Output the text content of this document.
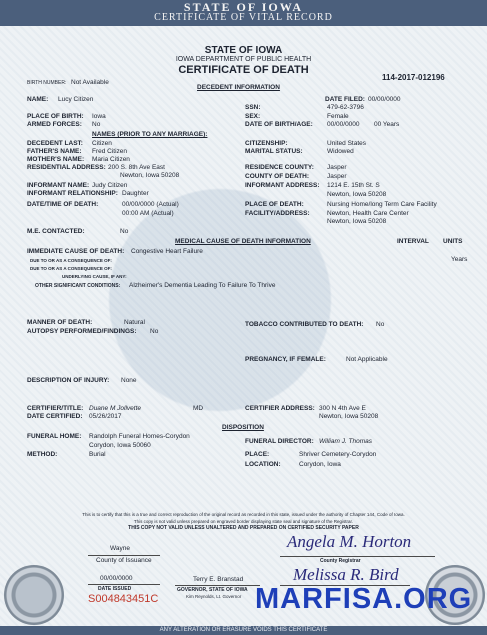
STATE OF IOWA
CERTIFICATE OF VITAL RECORD
STATE OF IOWA
IOWA DEPARTMENT OF PUBLIC HEALTH
CERTIFICATE OF DEATH
114-2017-012196
BIRTH NUMBER: Not Available
DECEDENT INFORMATION
NAME: Lucy Citizen	DATE FILED: 00/00/0000
SSN:	479-62-3796
PLACE OF BIRTH: Iowa	SEX:	Female
ARMED FORCES: No	DATE OF BIRTH/AGE: 00/00/0000 00 Years
NAMES (PRIOR TO ANY MARRIAGE):
DECEDENT LAST: Citizen	CITIZENSHIP:	United States
FATHER'S NAME: Fred Citizen	MARITAL STATUS:	Widowed
MOTHER'S NAME: Maria Citizen
RESIDENTIAL ADDRESS: 200 S. 8th Ave East
Newton, Iowa 50208
RESIDENCE COUNTY: Jasper
COUNTY OF DEATH:	Jasper
INFORMANT NAME: Judy Citizen
INFORMANT RELATIONSHIP: Daughter
INFORMANT ADDRESS: 1214 E. 15th St. S
Newton, Iowa 50208
DATE/TIME OF DEATH:	00/00/0000 (Actual)
00:00 AM (Actual)
PLACE OF DEATH:	Nursing Home/long Term Care Facility
FACILITY/ADDRESS:	Newton, Health Care Center
Newton, Iowa 50208
M.E. CONTACTED:	No
MEDICAL CAUSE OF DEATH INFORMATION	INTERVAL UNITS
IMMEDIATE CAUSE OF DEATH: Congestive Heart Failure
Years
DUE TO OR AS A CONSEQUENCE OF:
DUE TO OR AS A CONSEQUENCE OF:
UNDERLYING CAUSE, IF ANY:
OTHER SIGNIFICANT CONDITIONS: Alzheimer's Dementia Leading To Failure To Thrive
MANNER OF DEATH:	Natural	TOBACCO CONTRIBUTED TO DEATH: No
AUTOPSY PERFORMED/FINDINGS: No
PREGNANCY, IF FEMALE:	Not Applicable
DESCRIPTION OF INJURY: None
CERTIFIER/TITLE: Duane M Jollvette	MD
DATE CERTIFIED: 05/26/2017
CERTIFIER ADDRESS: 300 N 4th Ave E
Newton, Iowa 50208
DISPOSITION
FUNERAL HOME: Randolph Funeral Homes-Corydon
Corydon, Iowa 50060
FUNERAL DIRECTOR: William J. Thomas
METHOD:	Burial	PLACE:	Shriver Cemetery-Corydon
LOCATION:	Corydon, Iowa
This is to certify that this is a true and correct reproduction of the original record as recorded in this state, issued under the authority of Chapter 144, Code of Iowa.
This copy is not valid unless prepared on engraved border displaying state seal and signature of the Registrar.
THIS COPY NOT VALID UNLESS UNALTERED AND PREPARED ON CERTIFIED SECURITY PAPER
Wayne
County of Issuance
Angela M. Horton
County Registrar
00/00/0000
DATE ISSUED
S004843451C
Terry E. Branstad
GOVERNOR, STATE OF IOWA
Kim Reynolds, Lt. Governor
Melissa R. Bird
MARFISA.ORG
ANY ALTERATION OR ERASURE VOIDS THIS CERTIFICATE
